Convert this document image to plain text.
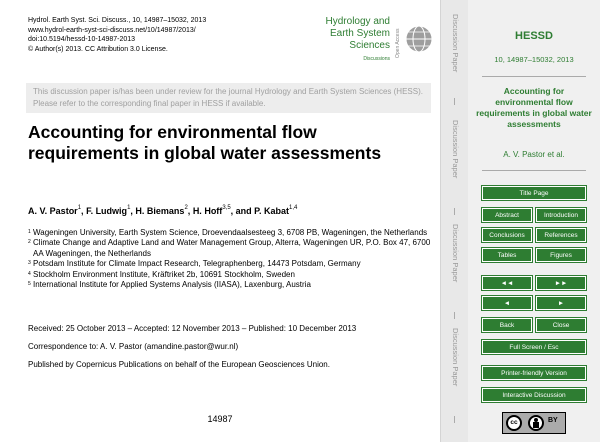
Hydrol. Earth Syst. Sci. Discuss., 10, 14987–15032, 2013
www.hydrol-earth-syst-sci-discuss.net/10/14987/2013/
doi:10.5194/hessd-10-14987-2013
© Author(s) 2013. CC Attribution 3.0 License.
Hydrology and
Earth System
Sciences
Discussions
Open Access
This discussion paper is/has been under review for the journal Hydrology and Earth System Sciences (HESS). Please refer to the corresponding final paper in HESS if available.
Accounting for environmental flow requirements in global water assessments
A. V. Pastor$^1$, F. Ludwig$^1$, H. Biemans$^2$, H. Hoff$^{3,5}$, and P. Kabat$^{1,4}$
1 Wageningen University, Earth System Science, Droevendaalsesteeg 3, 6708 PB, Wageningen, the Netherlands
2 Climate Change and Adaptive Land and Water Management Group, Alterra, Wageningen UR, P.O. Box 47, 6700 AA Wageningen, the Netherlands
3 Potsdam Institute for Climate Impact Research, Telegraphenberg, 14473 Potsdam, Germany
4 Stockholm Environment Institute, Kräftriket 2b, 10691 Stockholm, Sweden
5 International Institute for Applied Systems Analysis (IIASA), Laxenburg, Austria
Received: 25 October 2013 – Accepted: 12 November 2013 – Published: 10 December 2013
Correspondence to: A. V. Pastor (amandine.pastor@wur.nl)
Published by Copernicus Publications on behalf of the European Geosciences Union.
14987
Discussion Paper
Discussion Paper
Discussion Paper
Discussion Paper
HESSD
10, 14987–15032, 2013
Accounting for environmental flow requirements in global water assessments
A. V. Pastor et al.
Title Page
Abstract	Introduction
Conclusions	References
Tables	Figures
◄◄	►►
◄	►
Back	Close
Full Screen / Esc
Printer-friendly Version
Interactive Discussion
cc	BY
